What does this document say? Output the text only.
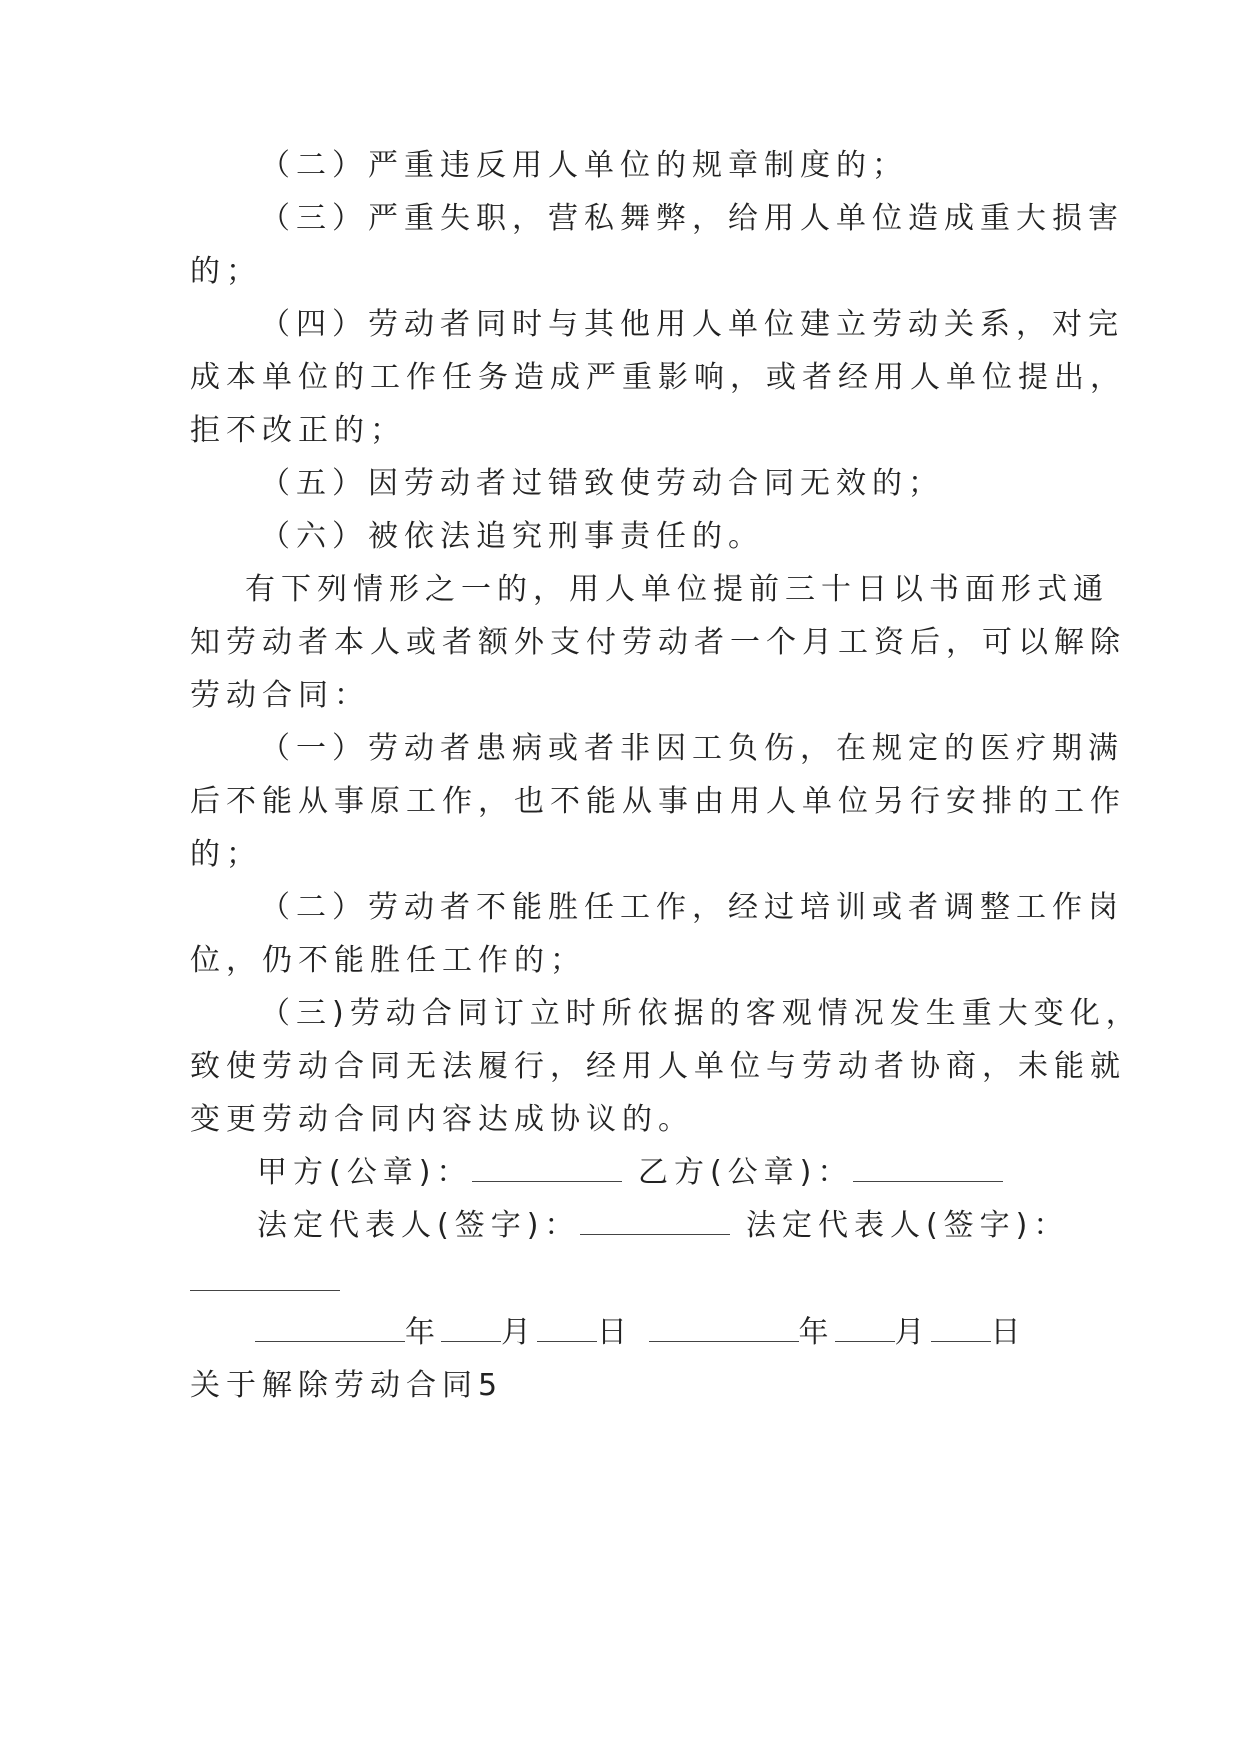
（二）严重违反用人单位的规章制度的；
（三）严重失职，营私舞弊，给用人单位造成重大损害
的；
（四）劳动者同时与其他用人单位建立劳动关系，对完
成本单位的工作任务造成严重影响，或者经用人单位提出，
拒不改正的；
（五）因劳动者过错致使劳动合同无效的；
（六）被依法追究刑事责任的。
有下列情形之一的，用人单位提前三十日以书面形式通
知劳动者本人或者额外支付劳动者一个月工资后，可以解除
劳动合同：
（一）劳动者患病或者非因工负伤，在规定的医疗期满
后不能从事原工作，也不能从事由用人单位另行安排的工作
的；
（二）劳动者不能胜任工作，经过培训或者调整工作岗
位，仍不能胜任工作的；
（三)劳动合同订立时所依据的客观情况发生重大变化，
致使劳动合同无法履行，经用人单位与劳动者协商，未能就
变更劳动合同内容达成协议的。
甲方(公章)：	乙方(公章)：
法定代表人(签字)：	法定代表人(签字)：
年 月 日	年 月 日
关于解除劳动合同5
